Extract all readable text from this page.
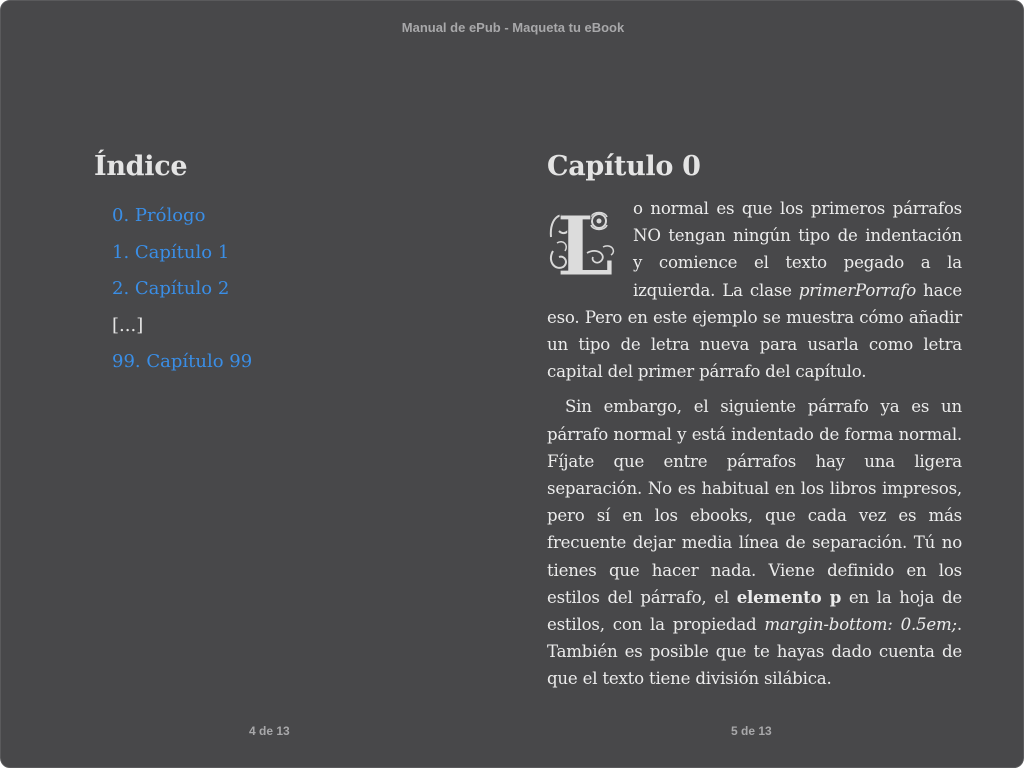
Manual de ePub - Maqueta tu eBook
Índice
0. Prólogo
1. Capítulo 1
2. Capítulo 2
[...]
99. Capítulo 99
Capítulo 0

L o normal es que los primeros párrafos NO tengan ningún tipo de indentación y comience el texto pegado a la izquierda. La clase primerPorrafo hace eso. Pero en este ejemplo se muestra cómo añadir un tipo de letra nueva para usarla como letra capital del primer párrafo del capítulo.

Sin embargo, el siguiente párrafo ya es un párrafo normal y está indentado de forma normal. Fíjate que entre párrafos hay una ligera separación. No es habitual en los libros impresos, pero sí en los ebooks, que cada vez es más frecuente dejar media línea de separación. Tú no tienes que hacer nada. Viene definido en los estilos del párrafo, el elemento p en la hoja de estilos, con la propiedad margin-bottom: 0.5em;. También es posible que te hayas dado cuenta de que el texto tiene división silábica.

4 de 13	5 de 13
